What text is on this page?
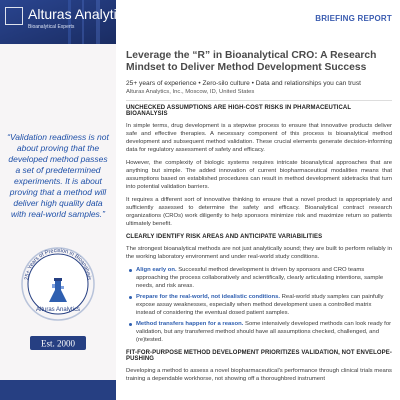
Alturas Analytics
Bioanalytical Experts
BRIEFING REPORT
“Validation readiness is not about proving that the developed method passes a set of predetermined experiments. It is about proving that a method will deliver high quality data with real-world samples.”
25+ Years of Precision in Bioanalysis
Alturas Analytics
Est. 2000
Leverage the “R” in Bioanalytical CRO: A Research Mindset to Deliver Method Development Success
25+ years of experience • Zero-silo culture • Data and relationships you can trust
Alturas Analytics, Inc., Moscow, ID, United States
UNCHECKED ASSUMPTIONS ARE HIGH-COST RISKS IN PHARMACEUTICAL BIOANALYSIS

In simple terms, drug development is a stepwise process to ensure that innovative products deliver safe and effective therapies. A necessary component of this process is bioanalytical method development and subsequent method validation. These crucial elements generate decision-informing data for regulatory assessment of safety and efficacy.

However, the complexity of biologic systems requires intricate bioanalytical approaches that are anything but simple. The added innovation of current biopharmaceutical modalities means that assumptions based on established procedures can result in method development sidetracks that turn into potential validation barriers.

It requires a different sort of innovative thinking to ensure that a novel product is appropriately and sufficiently assessed to determine the safety and efficacy. Bioanalytical contract research organizations (CROs) work diligently to help sponsors minimize risk and maximize return so patients ultimately benefit.

CLEARLY IDENTIFY RISK AREAS AND ANTICIPATE VARIABILITIES

The strongest bioanalytical methods are not just analytically sound; they are built to perform reliably in the working laboratory environment and under real-world study conditions.

Align early on. Successful method development is driven by sponsors and CRO teams approaching the process collaboratively and scientifically, clearly articulating intentions, sample needs, and risk areas.
Prepare for the real-world, not idealistic conditions. Real-world study samples can painfully expose assay weaknesses, especially when method development uses a controlled matrix instead of considering the eventual dosed patient samples.
Method transfers happen for a reason. Some intensively developed methods can look ready for validation, but any transferred method should have all assumptions checked, challenged, and (re)tested.
FIT-FOR-PURPOSE METHOD DEVELOPMENT PRIORITIZES VALIDATION, NOT ENVELOPE-PUSHING

Developing a method to assess a novel biopharmaceutical's performance through clinical trials means training a dependable workhorse, not showing off a thoroughbred instrument
